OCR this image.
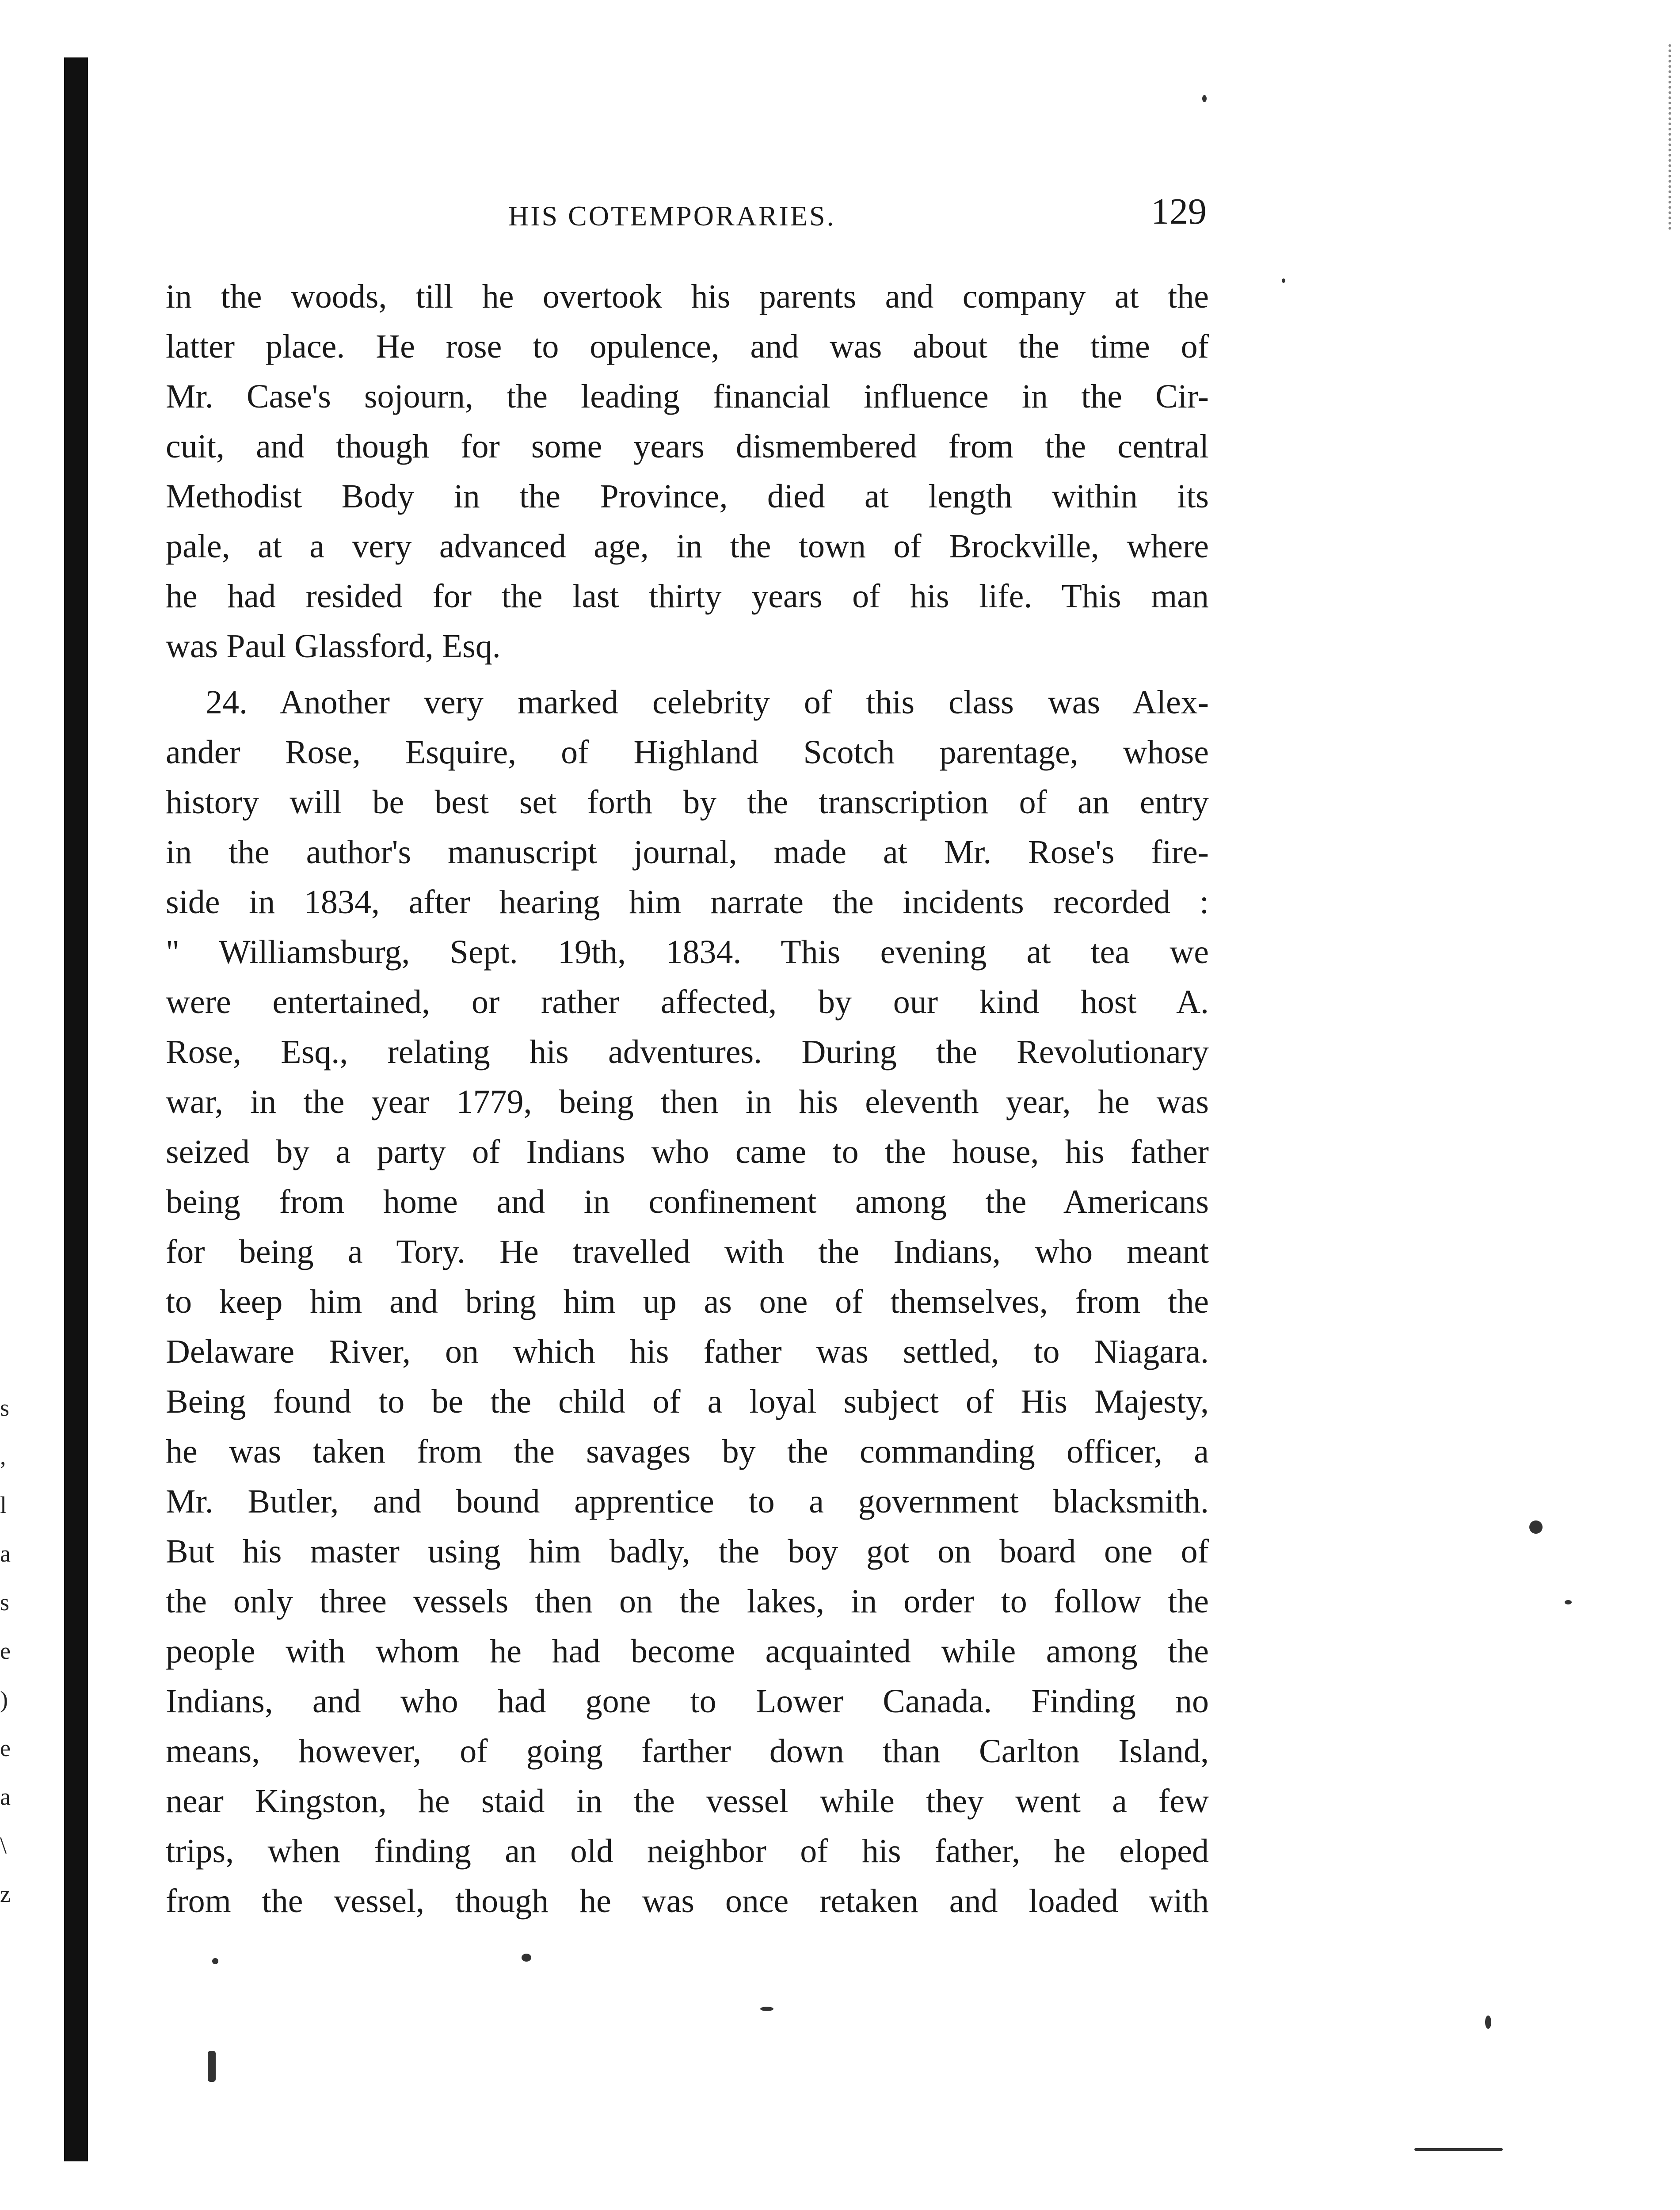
s
,
l
a
s
e
)
e
a
\
z
HIS COTEMPORARIES.	129

in the woods, till he overtook his parents and company at the
latter place. He rose to opulence, and was about the time of
Mr. Case's sojourn, the leading financial influence in the Cir-
cuit, and though for some years dismembered from the central
Methodist Body in the Province, died at length within its
pale, at a very advanced age, in the town of Brockville, where
he had resided for the last thirty years of his life. This man
was Paul Glassford, Esq.

24. Another very marked celebrity of this class was Alex-
ander Rose, Esquire, of Highland Scotch parentage, whose
history will be best set forth by the transcription of an entry
in the author's manuscript journal, made at Mr. Rose's fire-
side in 1834, after hearing him narrate the incidents recorded :
" Williamsburg, Sept. 19th, 1834. This evening at tea we
were entertained, or rather affected, by our kind host A.
Rose, Esq., relating his adventures. During the Revolutionary
war, in the year 1779, being then in his eleventh year, he was
seized by a party of Indians who came to the house, his father
being from home and in confinement among the Americans
for being a Tory. He travelled with the Indians, who meant
to keep him and bring him up as one of themselves, from the
Delaware River, on which his father was settled, to Niagara.
Being found to be the child of a loyal subject of His Majesty,
he was taken from the savages by the commanding officer, a
Mr. Butler, and bound apprentice to a government blacksmith.
But his master using him badly, the boy got on board one of
the only three vessels then on the lakes, in order to follow the
people with whom he had become acquainted while among the
Indians, and who had gone to Lower Canada. Finding no
means, however, of going farther down than Carlton Island,
near Kingston, he staid in the vessel while they went a few
trips, when finding an old neighbor of his father, he eloped
from the vessel, though he was once retaken and loaded with
